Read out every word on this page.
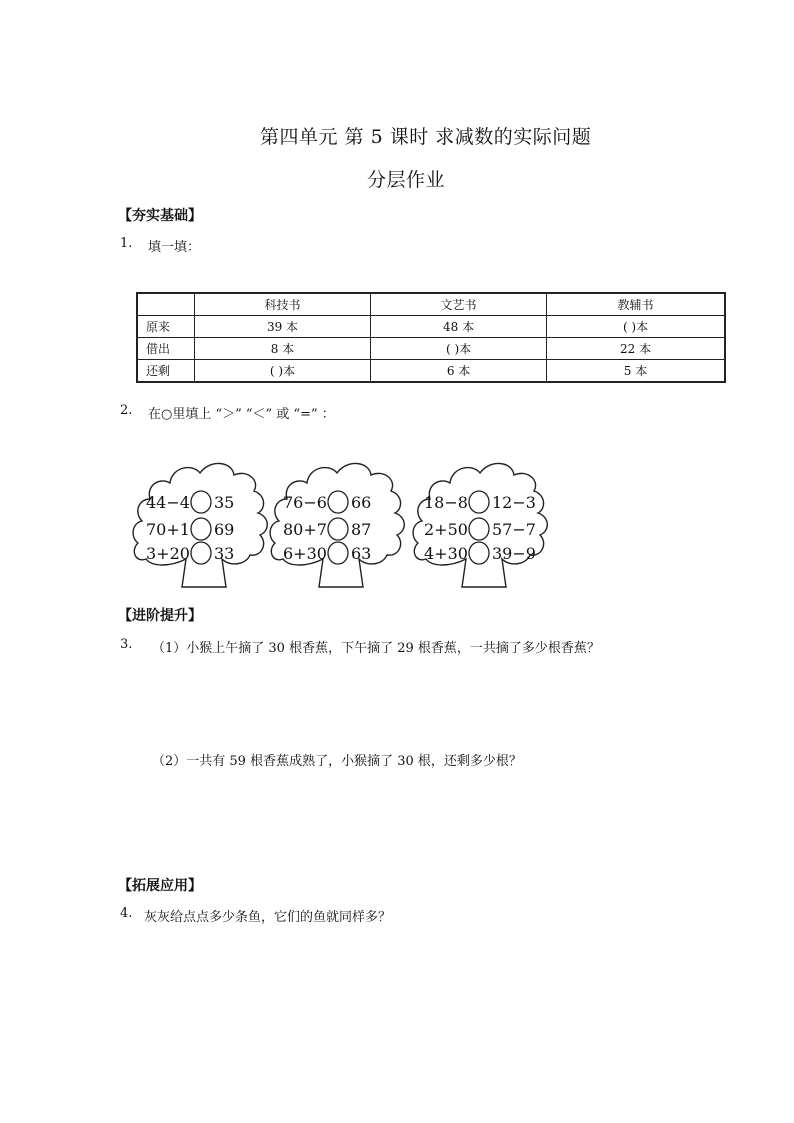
第四单元 第 5 课时 求减数的实际问题
分层作业
【夯实基础】
1. 填一填：
	科技书	文艺书	教辅书
原来	39 本	48 本	( )本
借出	8 本	( )本	22 本
还剩	( )本	6 本	5 本
2. 在○里填上 “＞” “＜” 或 “=” ：
44−4 35
70+1 69
3+20 33
76−6 66
80+7 87
6+30 63
18−8 12−3
2+50 57−7
4+30 39−9
【进阶提升】
3. （1）小猴上午摘了 30 根香蕉，下午摘了 29 根香蕉，一共摘了多少根香蕉？
（2）一共有 59 根香蕉成熟了，小猴摘了 30 根，还剩多少根？
【拓展应用】
4. 灰灰给点点多少条鱼，它们的鱼就同样多？
